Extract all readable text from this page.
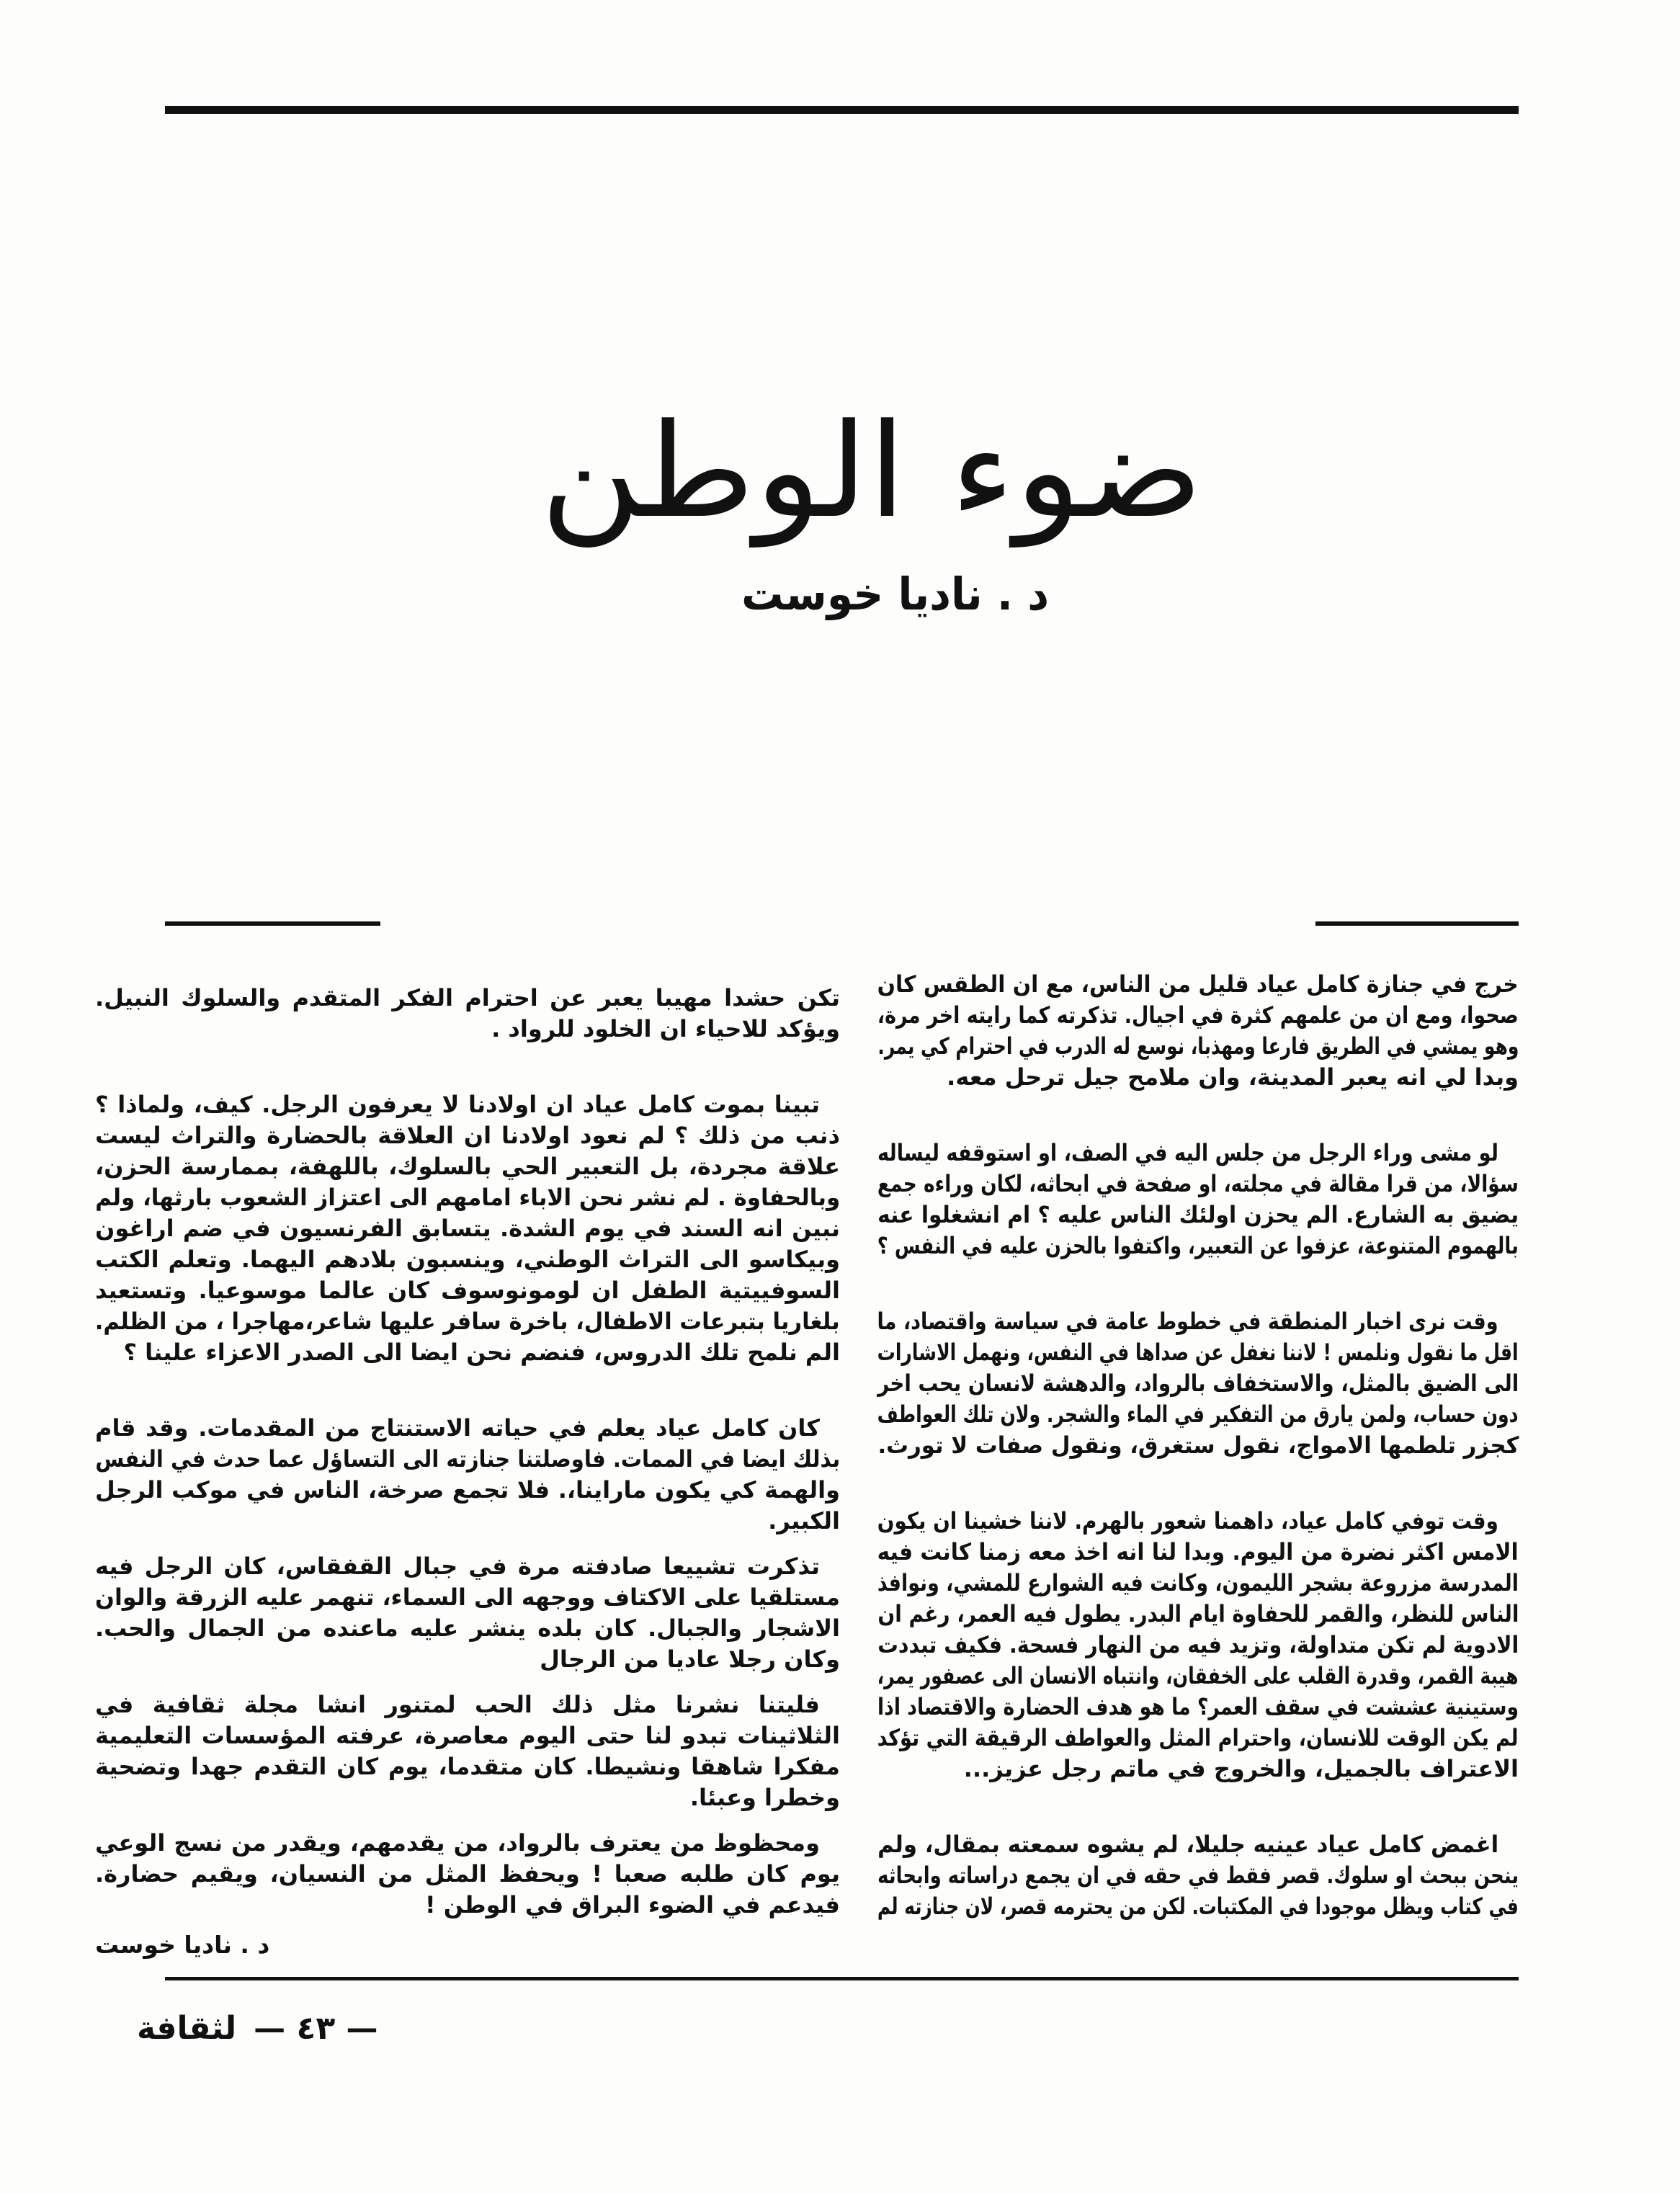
ضوء الوطن
د . ناديا خوست
خرج في جنازة كامل عياد قليل من الناس، مع ان الطقس كان
صحوا، ومع ان من علمهم كثرة في اجيال. تذكرته كما رايته اخر مرة،
وهو يمشي في الطريق فارعا ومهذبا، نوسع له الدرب في احترام كي يمر.
وبدا لي انه يعبر المدينة، وان ملامح جيل ترحل معه.
لو مشى وراء الرجل من جلس اليه في الصف، او استوقفه ليساله
سؤالا، من قرا مقالة في مجلته، او صفحة في ابحاثه، لكان وراءه جمع
يضيق به الشارع. الم يحزن اولئك الناس عليه ؟ ام انشغلوا عنه
بالهموم المتنوعة، عزفوا عن التعبير، واكتفوا بالحزن عليه في النفس ؟
وقت نرى اخبار المنطقة في خطوط عامة في سياسة واقتصاد، ما
اقل ما نقول ونلمس ! لاننا نغفل عن صداها في النفس، ونهمل الاشارات
الى الضيق بالمثل، والاستخفاف بالرواد، والدهشة لانسان يحب اخر
دون حساب، ولمن يارق من التفكير في الماء والشجر. ولان تلك العواطف
كجزر تلطمها الامواج، نقول ستغرق، ونقول صفات لا تورث.
وقت توفي كامل عياد، داهمنا شعور بالهرم. لاننا خشينا ان يكون
الامس اكثر نضرة من اليوم. وبدا لنا انه اخذ معه زمنا كانت فيه
المدرسة مزروعة بشجر الليمون، وكانت فيه الشوارع للمشي، ونوافذ
الناس للنظر، والقمر للحفاوة ايام البدر. يطول فيه العمر، رغم ان
الادوية لم تكن متداولة، وتزيد فيه من النهار فسحة. فكيف تبددت
هيبة القمر، وقدرة القلب على الخفقان، وانتباه الانسان الى عصفور يمر،
وستينية عششت في سقف العمر؟ ما هو هدف الحضارة والاقتصاد اذا
لم يكن الوقت للانسان، واحترام المثل والعواطف الرقيقة التي تؤكد
الاعتراف بالجميل، والخروج في ماتم رجل عزيز...
اغمض كامل عياد عينيه جليلا، لم يشوه سمعته بمقال، ولم
ينحن ببحث او سلوك. قصر فقط في حقه في ان يجمع دراساته وابحاثه
في كتاب ويظل موجودا في المكتبات. لكن من يحترمه قصر، لان جنازته لم
تكن حشدا مهيبا يعبر عن احترام الفكر المتقدم والسلوك النبيل.
ويؤكد للاحياء ان الخلود للرواد .
تبينا بموت كامل عياد ان اولادنا لا يعرفون الرجل. كيف، ولماذا ؟
ذنب من ذلك ؟ لم نعود اولادنا ان العلاقة بالحضارة والتراث ليست
علاقة مجردة، بل التعبير الحي بالسلوك، باللهفة، بممارسة الحزن،
وبالحفاوة . لم نشر نحن الاباء امامهم الى اعتزاز الشعوب بارثها، ولم
نبين انه السند في يوم الشدة. يتسابق الفرنسيون في ضم اراغون
وبيكاسو الى التراث الوطني، وينسبون بلادهم اليهما. وتعلم الكتب
السوفييتية الطفل ان لومونوسوف كان عالما موسوعيا. وتستعيد
بلغاريا بتبرعات الاطفال، باخرة سافر عليها شاعر،مهاجرا ، من الظلم.
الم نلمح تلك الدروس، فنضم نحن ايضا الى الصدر الاعزاء علينا ؟
كان كامل عياد يعلم في حياته الاستنتاج من المقدمات. وقد قام
بذلك ايضا في الممات. فاوصلتنا جنازته الى التساؤل عما حدث في النفس
والهمة كي يكون ماراينا،. فلا تجمع صرخة، الناس في موكب الرجل
الكبير.
تذكرت تشييعا صادفته مرة في جبال القفقاس، كان الرجل فيه
مستلقيا على الاكتاف ووجهه الى السماء، تنهمر عليه الزرقة والوان
الاشجار والجبال. كان بلده ينشر عليه ماعنده من الجمال والحب.
وكان رجلا عاديا من الرجال
فليتنا نشرنا مثل ذلك الحب لمتنور انشا مجلة ثقافية في
الثلاثينات تبدو لنا حتى اليوم معاصرة، عرفته المؤسسات التعليمية
مفكرا شاهقا ونشيطا. كان متقدما، يوم كان التقدم جهدا وتضحية
وخطرا وعبئا.
ومحظوظ من يعترف بالرواد، من يقدمهم، ويقدر من نسج الوعي
يوم كان طلبه صعبا ! ويحفظ المثل من النسيان، ويقيم حضارة.
فيدعم في الضوء البراق في الوطن !
د . ناديا خوست
لثقافة — ٤٣ —
